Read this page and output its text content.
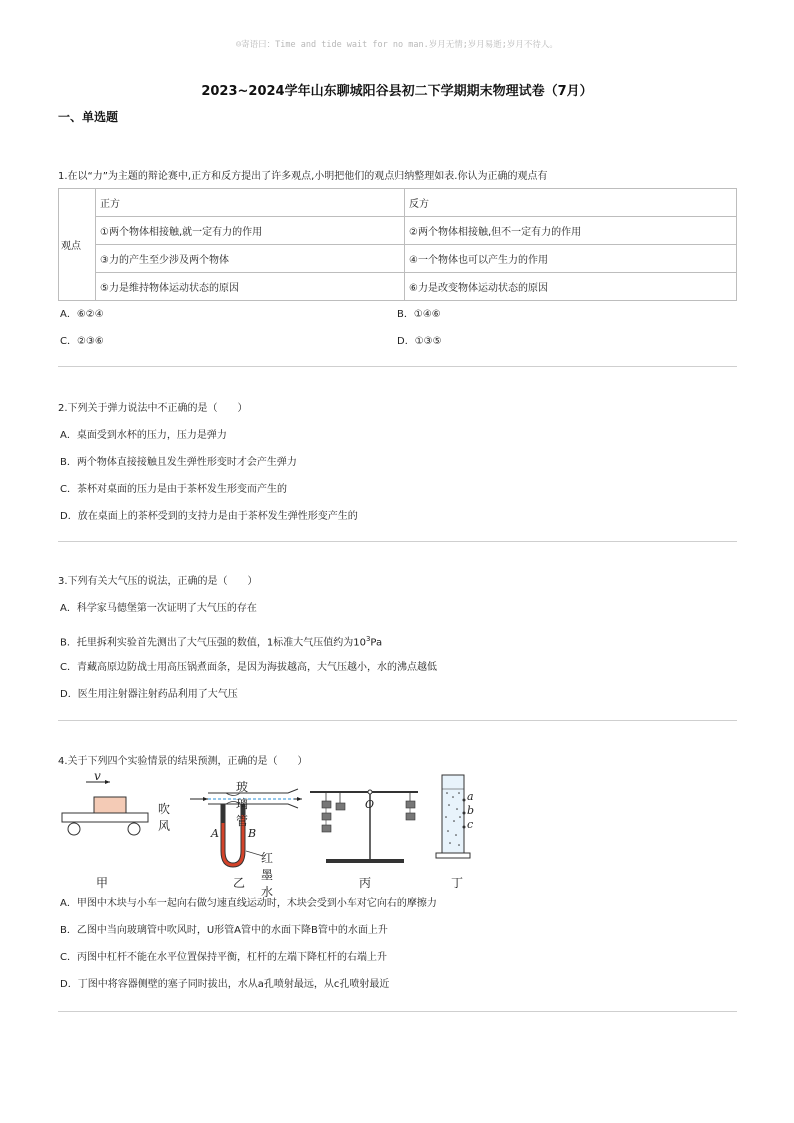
☺寄语曰：Time and tide wait for no man.岁月无情;岁月易逝;岁月不待人。
2023~2024学年山东聊城阳谷县初二下学期期末物理试卷（7月）
一、单选题
1.在以“力”为主题的辩论赛中,正方和反方提出了许多观点,小明把他们的观点归纳整理如表.你认为正确的观点有
观点	正方	反方
	①两个物体相接触,就一定有力的作用	②两个物体相接触,但不一定有力的作用
	③力的产生至少涉及两个物体	④一个物体也可以产生力的作用
	⑤力是维持物体运动状态的原因	⑥力是改变物体运动状态的原因
A．⑥②④	B．①④⑥
C．②③⑥	D．①③⑤
2.下列关于弹力说法中不正确的是（　　）
A．桌面受到水杯的压力，压力是弹力
B．两个物体直接接触且发生弹性形变时才会产生弹力
C．茶杯对桌面的压力是由于茶杯发生形变而产生的
D．放在桌面上的茶杯受到的支持力是由于茶杯发生弹性形变产生的
3.下列有关大气压的说法，正确的是（　　）
A．科学家马德堡第一次证明了大气压的存在
B．托里拆利实验首先测出了大气压强的数值，1标准大气压值约为$10^3Pa$
C．青藏高原边防战士用高压锅煮面条，是因为海拔越高，大气压越小，水的沸点越低
D．医生用注射器注射药品利用了大气压
4.关于下列四个实验情景的结果预测，正确的是（　　）
v
吹风
玻璃管
A	B
红墨水
O
a
b
c
甲	乙	丙	丁
A．甲图中木块与小车一起向右做匀速直线运动时，木块会受到小车对它向右的摩擦力
B．乙图中当向玻璃管中吹风时，U形管A管中的水面下降B管中的水面上升
C．丙图中杠杆不能在水平位置保持平衡，杠杆的左端下降杠杆的右端上升
D．丁图中将容器侧壁的塞子同时拔出，水从a孔喷射最远，从c孔喷射最近
